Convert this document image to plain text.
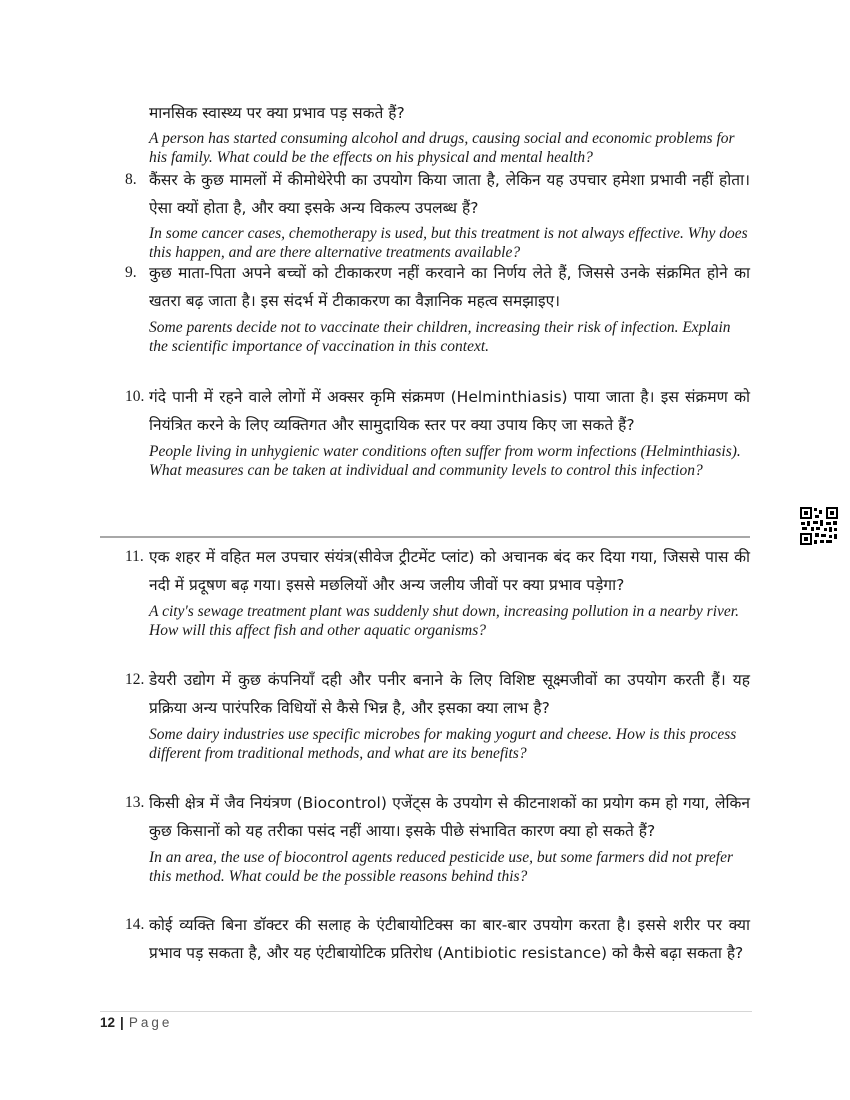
मानसिक स्वास्थ्य पर क्या प्रभाव पड़ सकते हैं?

A person has started consuming alcohol and drugs, causing social and economic problems for his family. What could be the effects on his physical and mental health?

8. कैंसर के कुछ मामलों में कीमोथेरेपी का उपयोग किया जाता है, लेकिन यह उपचार हमेशा प्रभावी नहीं होता। ऐसा क्यों होता है, और क्या इसके अन्य विकल्प उपलब्ध हैं?

In some cancer cases, chemotherapy is used, but this treatment is not always effective. Why does this happen, and are there alternative treatments available?

9. कुछ माता-पिता अपने बच्चों को टीकाकरण नहीं करवाने का निर्णय लेते हैं, जिससे उनके संक्रमित होने का खतरा बढ़ जाता है। इस संदर्भ में टीकाकरण का वैज्ञानिक महत्व समझाइए।

Some parents decide not to vaccinate their children, increasing their risk of infection. Explain the scientific importance of vaccination in this context.

10. गंदे पानी में रहने वाले लोगों में अक्सर कृमि संक्रमण (Helminthiasis) पाया जाता है। इस संक्रमण को नियंत्रित करने के लिए व्यक्तिगत और सामुदायिक स्तर पर क्या उपाय किए जा सकते हैं?

People living in unhygienic water conditions often suffer from worm infections (Helminthiasis). What measures can be taken at individual and community levels to control this infection?

11. एक शहर में वहित मल उपचार संयंत्र(सीवेज ट्रीटमेंट प्लांट) को अचानक बंद कर दिया गया, जिससे पास की नदी में प्रदूषण बढ़ गया। इससे मछलियों और अन्य जलीय जीवों पर क्या प्रभाव पड़ेगा?

A city's sewage treatment plant was suddenly shut down, increasing pollution in a nearby river. How will this affect fish and other aquatic organisms?

12. डेयरी उद्योग में कुछ कंपनियाँ दही और पनीर बनाने के लिए विशिष्ट सूक्ष्मजीवों का उपयोग करती हैं। यह प्रक्रिया अन्य पारंपरिक विधियों से कैसे भिन्न है, और इसका क्या लाभ है?

Some dairy industries use specific microbes for making yogurt and cheese. How is this process different from traditional methods, and what are its benefits?

13. किसी क्षेत्र में जैव नियंत्रण (Biocontrol) एजेंट्स के उपयोग से कीटनाशकों का प्रयोग कम हो गया, लेकिन कुछ किसानों को यह तरीका पसंद नहीं आया। इसके पीछे संभावित कारण क्या हो सकते हैं?

In an area, the use of biocontrol agents reduced pesticide use, but some farmers did not prefer this method. What could be the possible reasons behind this?

14. कोई व्यक्ति बिना डॉक्टर की सलाह के एंटीबायोटिक्स का बार-बार उपयोग करता है। इससे शरीर पर क्या प्रभाव पड़ सकता है, और यह एंटीबायोटिक प्रतिरोध (Antibiotic resistance) को कैसे बढ़ा सकता है?

12 | Page
